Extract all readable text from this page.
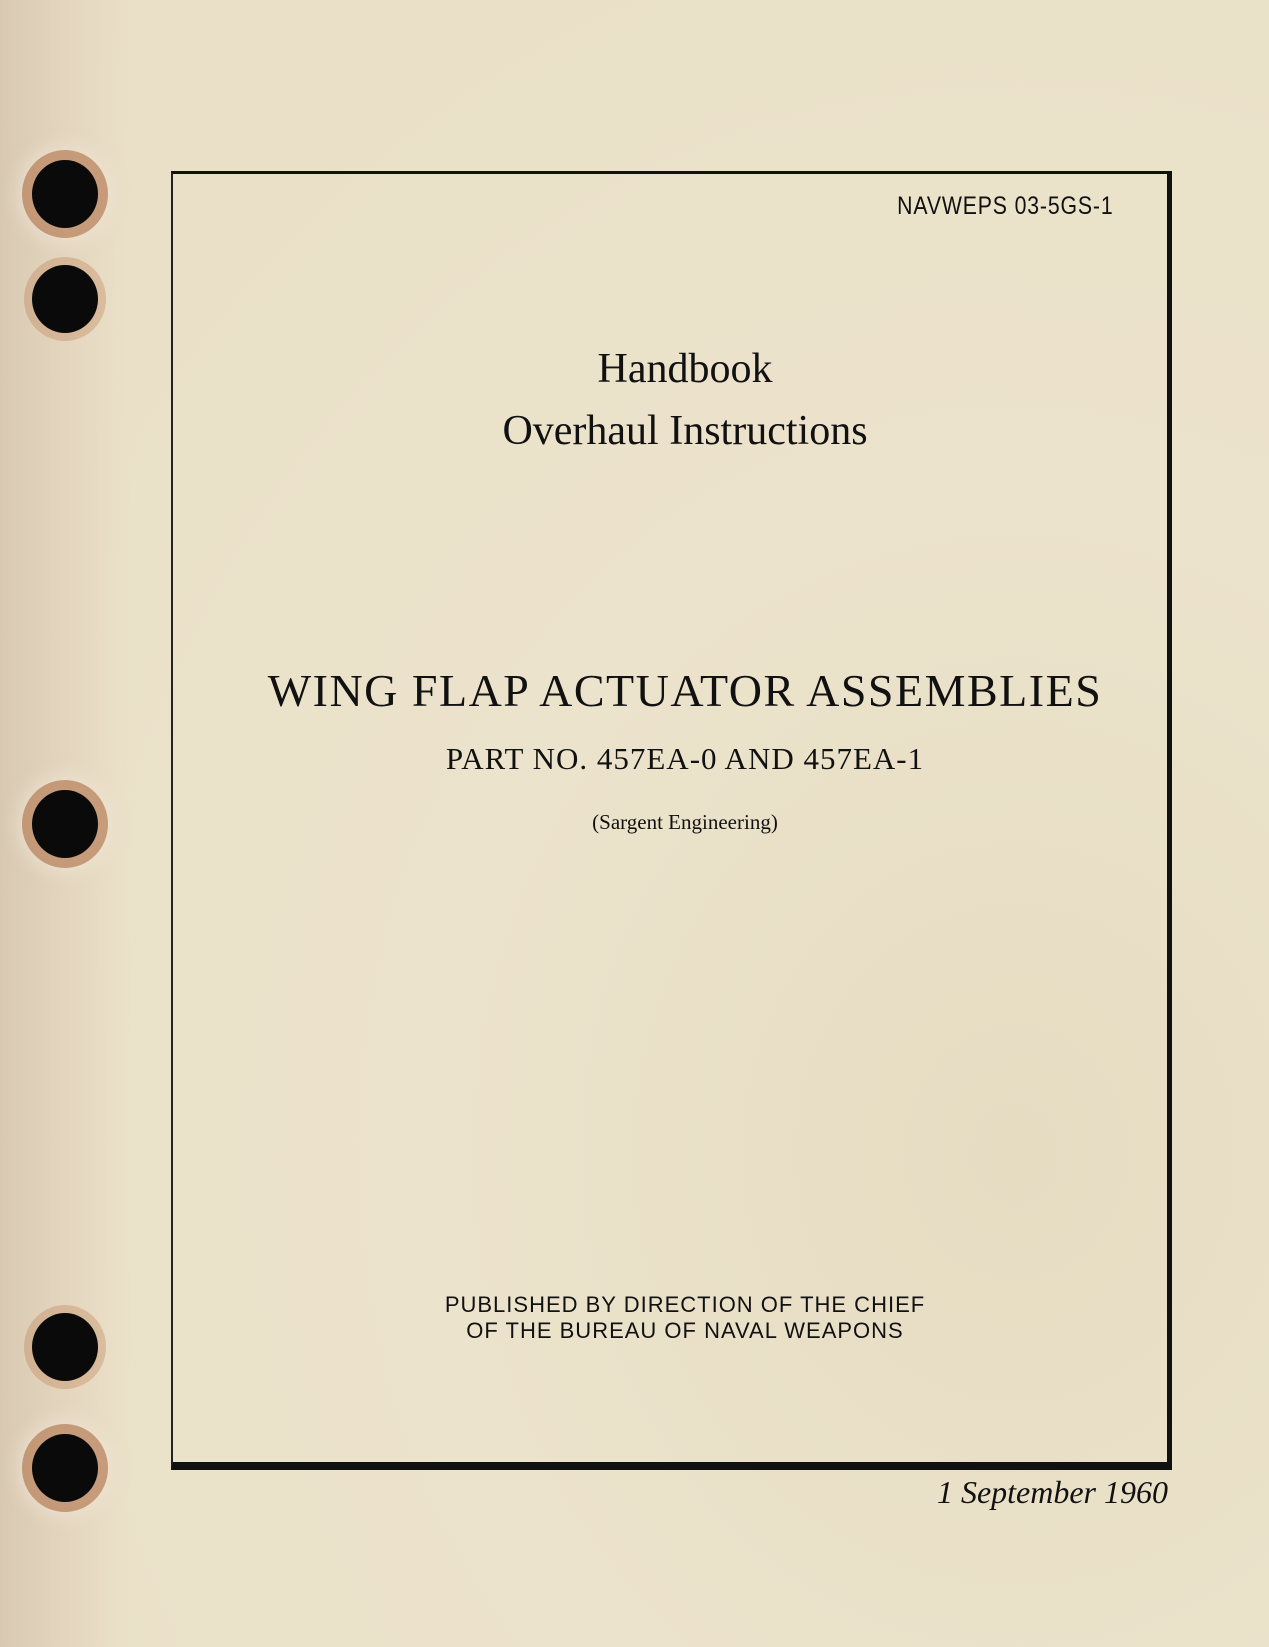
NAVWEPS 03-5GS-1
Handbook
Overhaul Instructions
WING FLAP ACTUATOR ASSEMBLIES
PART NO. 457EA-0 AND 457EA-1
(Sargent Engineering)
PUBLISHED BY DIRECTION OF THE CHIEF
OF THE BUREAU OF NAVAL WEAPONS
1 September 1960
